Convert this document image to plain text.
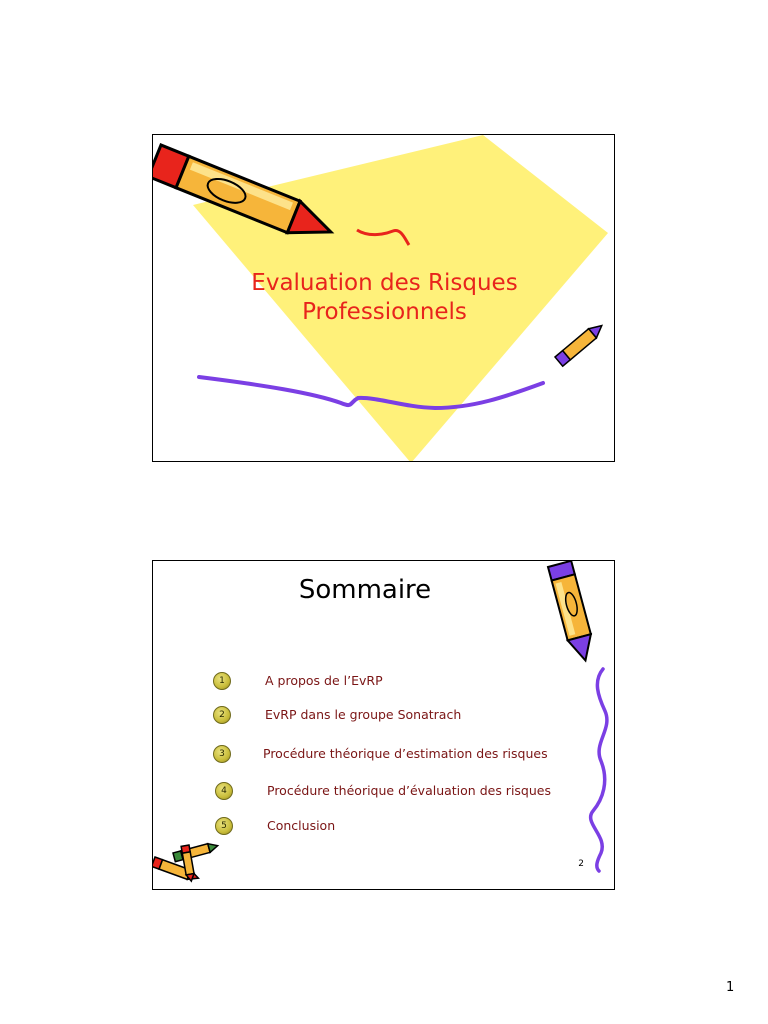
Evaluation des Risques
Professionnels
Sommaire
1	A propos de l’EvRP
2	EvRP dans le groupe Sonatrach
3	Procédure théorique d’estimation des risques
4	Procédure théorique d’évaluation des risques
5	Conclusion
2
1
